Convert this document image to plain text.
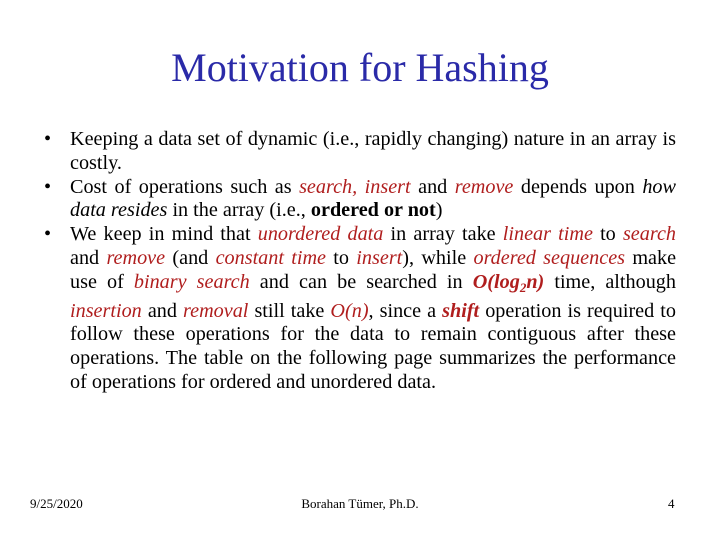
Motivation for Hashing
• Keeping a data set of dynamic (i.e., rapidly changing) nature in an array is costly.
• Cost of operations such as search, insert and remove depends upon how data resides in the array (i.e., ordered or not)
• We keep in mind that unordered data in array take linear time to search and remove (and constant time to insert), while ordered sequences make use of binary search and can be searched in $O(\log_2n)$ time, although insertion and removal still take O(n), since a shift operation is required to follow these operations for the data to remain contiguous after these operations. The table on the following page summarizes the performance of operations for ordered and unordered data.
9/25/2020	Borahan Tümer, Ph.D.	4
